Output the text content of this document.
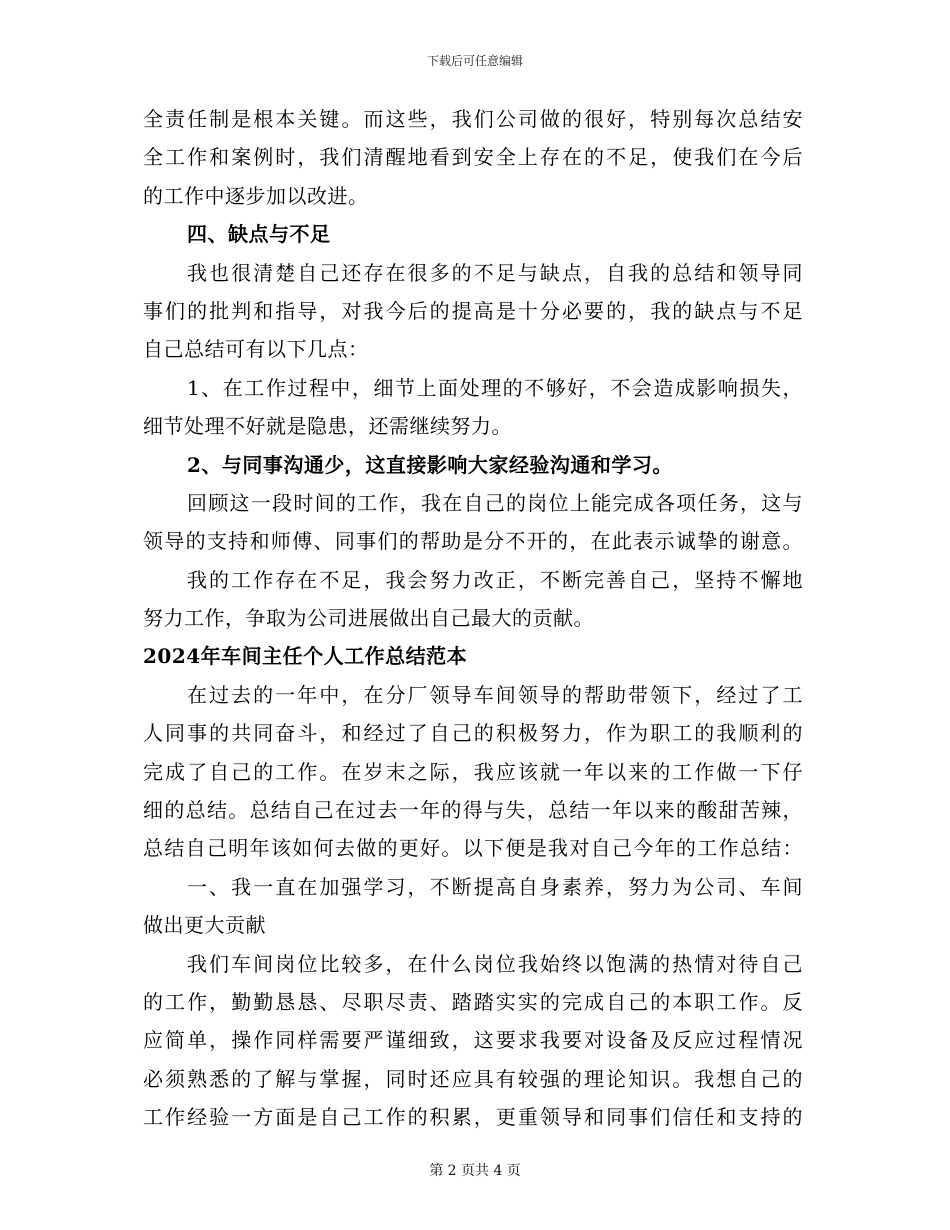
下载后可任意编辑
全责任制是根本关键。而这些，我们公司做的很好，特别每次总结安
全工作和案例时，我们清醒地看到安全上存在的不足，使我们在今后
的工作中逐步加以改进。
四、缺点与不足
我也很清楚自己还存在很多的不足与缺点，自我的总结和领导同
事们的批判和指导，对我今后的提高是十分必要的，我的缺点与不足
自己总结可有以下几点：
1、在工作过程中，细节上面处理的不够好，不会造成影响损失，
细节处理不好就是隐患，还需继续努力。
2、与同事沟通少，这直接影响大家经验沟通和学习。
回顾这一段时间的工作，我在自己的岗位上能完成各项任务，这与
领导的支持和师傅、同事们的帮助是分不开的，在此表示诚挚的谢意。
我的工作存在不足，我会努力改正，不断完善自己，坚持不懈地
努力工作，争取为公司进展做出自己最大的贡献。
2024年车间主任个人工作总结范本
在过去的一年中，在分厂领导车间领导的帮助带领下，经过了工
人同事的共同奋斗，和经过了自己的积极努力，作为职工的我顺利的
完成了自己的工作。在岁末之际，我应该就一年以来的工作做一下仔
细的总结。总结自己在过去一年的得与失，总结一年以来的酸甜苦辣，
总结自己明年该如何去做的更好。以下便是我对自己今年的工作总结：
一、我一直在加强学习，不断提高自身素养，努力为公司、车间
做出更大贡献
我们车间岗位比较多，在什么岗位我始终以饱满的热情对待自己
的工作，勤勤恳恳、尽职尽责、踏踏实实的完成自己的本职工作。反
应简单，操作同样需要严谨细致，这要求我要对设备及反应过程情况
必须熟悉的了解与掌握，同时还应具有较强的理论知识。我想自己的
工作经验一方面是自己工作的积累，更重领导和同事们信任和支持的
第 2 页共 4 页
